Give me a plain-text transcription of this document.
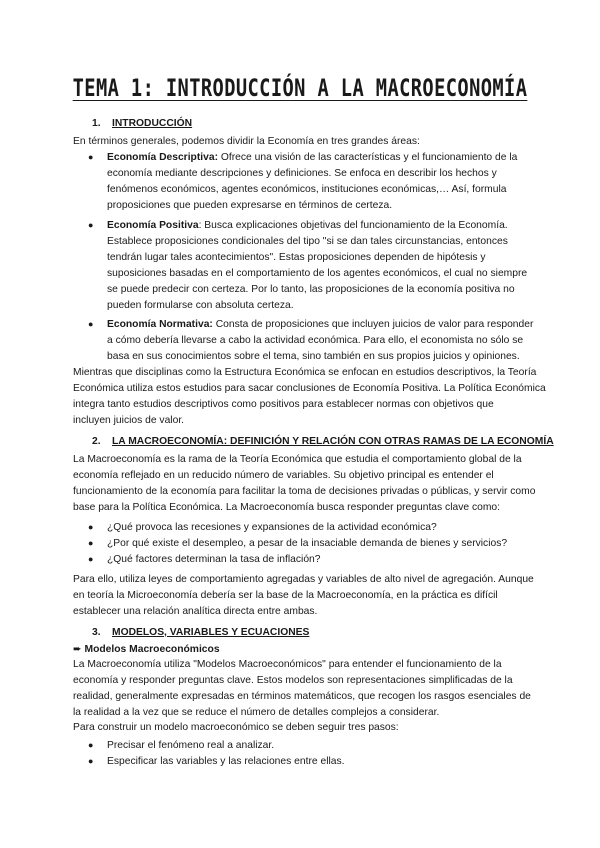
TEMA 1: INTRODUCCIÓN A LA MACROECONOMÍA
1. INTRODUCCIÓN
En términos generales, podemos dividir la Economía en tres grandes áreas:
● Economía Descriptiva: Ofrece una visión de las características y el funcionamiento de la
economía mediante descripciones y definiciones. Se enfoca en describir los hechos y
fenómenos económicos, agentes económicos, instituciones económicas,… Así, formula
proposiciones que pueden expresarse en términos de certeza.
● Economía Positiva: Busca explicaciones objetivas del funcionamiento de la Economía.
Establece proposiciones condicionales del tipo "si se dan tales circunstancias, entonces
tendrán lugar tales acontecimientos". Estas proposiciones dependen de hipótesis y
suposiciones basadas en el comportamiento de los agentes económicos, el cual no siempre
se puede predecir con certeza. Por lo tanto, las proposiciones de la economía positiva no
pueden formularse con absoluta certeza.
● Economía Normativa: Consta de proposiciones que incluyen juicios de valor para responder
a cómo debería llevarse a cabo la actividad económica. Para ello, el economista no sólo se
basa en sus conocimientos sobre el tema, sino también en sus propios juicios y opiniones.
Mientras que disciplinas como la Estructura Económica se enfocan en estudios descriptivos, la Teoría
Económica utiliza estos estudios para sacar conclusiones de Economía Positiva. La Política Económica
integra tanto estudios descriptivos como positivos para establecer normas con objetivos que
incluyen juicios de valor.
2. LA MACROECONOMÍA: DEFINICIÓN Y RELACIÓN CON OTRAS RAMAS DE LA ECONOMÍA
La Macroeconomía es la rama de la Teoría Económica que estudia el comportamiento global de la
economía reflejado en un reducido número de variables. Su objetivo principal es entender el
funcionamiento de la economía para facilitar la toma de decisiones privadas o públicas, y servir como
base para la Política Económica. La Macroeconomía busca responder preguntas clave como:
● ¿Qué provoca las recesiones y expansiones de la actividad económica?
● ¿Por qué existe el desempleo, a pesar de la insaciable demanda de bienes y servicios?
● ¿Qué factores determinan la tasa de inflación?
Para ello, utiliza leyes de comportamiento agregadas y variables de alto nivel de agregación. Aunque
en teoría la Microeconomía debería ser la base de la Macroeconomía, en la práctica es difícil
establecer una relación analítica directa entre ambas.
3. MODELOS, VARIABLES Y ECUACIONES
➨ Modelos Macroeconómicos
La Macroeconomía utiliza "Modelos Macroeconómicos" para entender el funcionamiento de la
economía y responder preguntas clave. Estos modelos son representaciones simplificadas de la
realidad, generalmente expresadas en términos matemáticos, que recogen los rasgos esenciales de
la realidad a la vez que se reduce el número de detalles complejos a considerar.
Para construir un modelo macroeconómico se deben seguir tres pasos:
● Precisar el fenómeno real a analizar.
● Especificar las variables y las relaciones entre ellas.
